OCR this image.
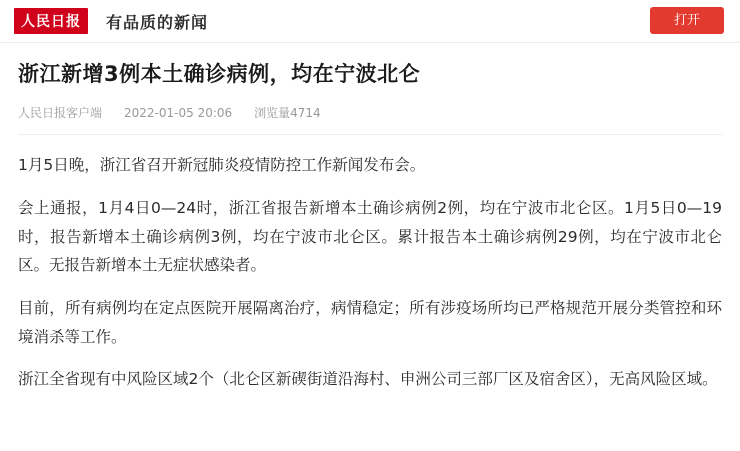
人民日报	有品质的新闻	打开
浙江新增3例本土确诊病例，均在宁波北仑
人民日报客户端 2022-01-05 20:06 浏览量4714

1月5日晚，浙江省召开新冠肺炎疫情防控工作新闻发布会。

会上通报，1月4日0—24时，浙江省报告新增本土确诊病例2例，均在宁波市北仑区。1月5日0—19时，报告新增本土确诊病例3例，均在宁波市北仑区。累计报告本土确诊病例29例，均在宁波市北仑区。无报告新增本土无症状感染者。

目前，所有病例均在定点医院开展隔离治疗，病情稳定；所有涉疫场所均已严格规范开展分类管控和环境消杀等工作。

浙江全省现有中风险区域2个（北仑区新碶街道沿海村、申洲公司三部厂区及宿舍区），无高风险区域。
